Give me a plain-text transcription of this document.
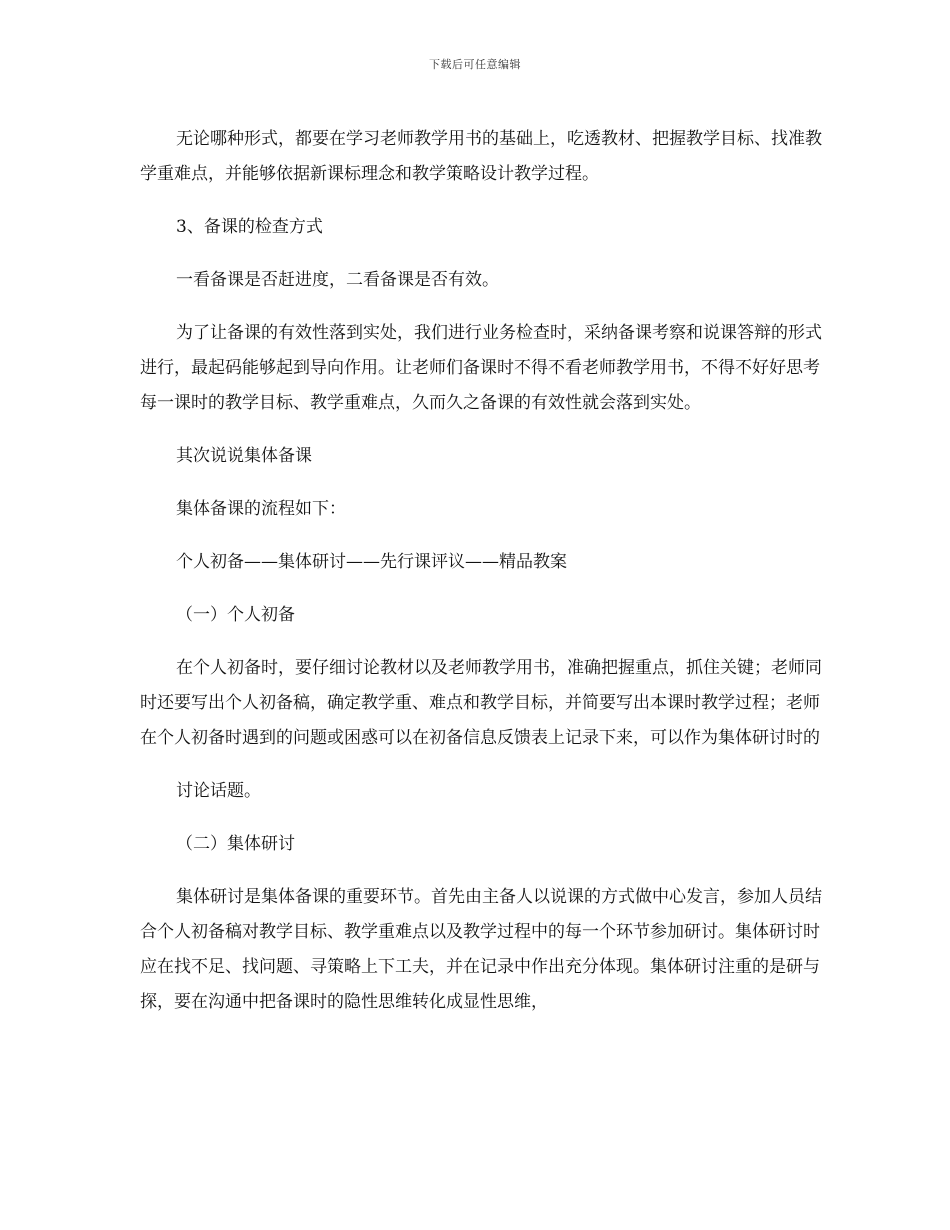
下载后可任意编辑

无论哪种形式，都要在学习老师教学用书的基础上，吃透教材、把握教学目标、找准教学重难点，并能够依据新课标理念和教学策略设计教学过程。

3、备课的检查方式

一看备课是否赶进度，二看备课是否有效。

为了让备课的有效性落到实处，我们进行业务检查时，采纳备课考察和说课答辩的形式进行，最起码能够起到导向作用。让老师们备课时不得不看老师教学用书，不得不好好思考每一课时的教学目标、教学重难点，久而久之备课的有效性就会落到实处。

其次说说集体备课

集体备课的流程如下：

个人初备——集体研讨——先行课评议——精品教案

（一）个人初备

在个人初备时，要仔细讨论教材以及老师教学用书，准确把握重点，抓住关键；老师同时还要写出个人初备稿，确定教学重、难点和教学目标，并简要写出本课时教学过程；老师在个人初备时遇到的问题或困惑可以在初备信息反馈表上记录下来，可以作为集体研讨时的

讨论话题。

（二）集体研讨

集体研讨是集体备课的重要环节。首先由主备人以说课的方式做中心发言，参加人员结合个人初备稿对教学目标、教学重难点以及教学过程中的每一个环节参加研讨。集体研讨时应在找不足、找问题、寻策略上下工夫，并在记录中作出充分体现。集体研讨注重的是研与探，要在沟通中把备课时的隐性思维转化成显性思维，
